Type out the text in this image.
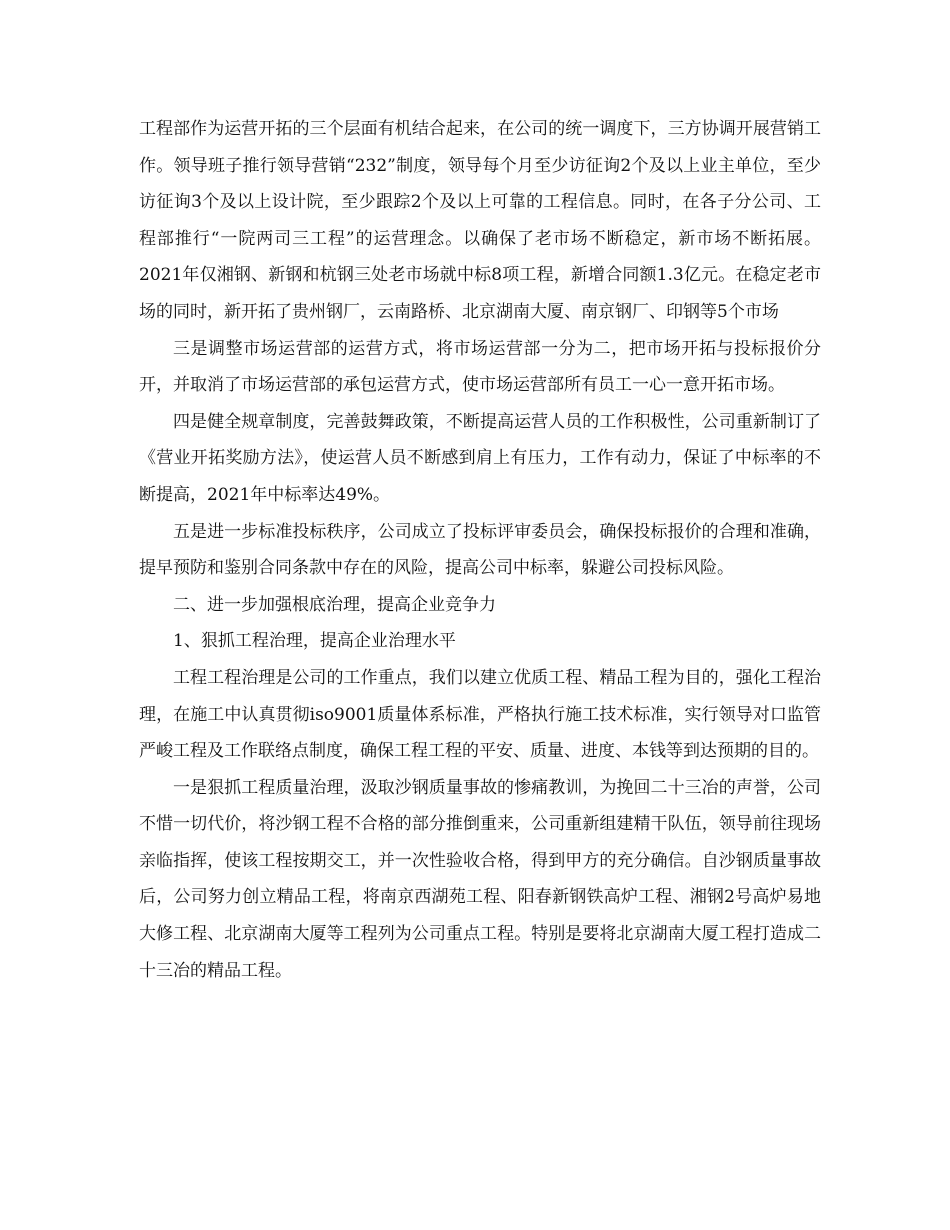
工程部作为运营开拓的三个层面有机结合起来，在公司的统一调度下，三方协调开展营销工作。领导班子推行领导营销“232”制度，领导每个月至少访征询2个及以上业主单位，至少访征询3个及以上设计院，至少跟踪2个及以上可靠的工程信息。同时，在各子分公司、工程部推行“一院两司三工程”的运营理念。以确保了老市场不断稳定，新市场不断拓展。2021年仅湘钢、新钢和杭钢三处老市场就中标8项工程，新增合同额1.3亿元。在稳定老市场的同时，新开拓了贵州钢厂，云南路桥、北京湖南大厦、南京钢厂、印钢等5个市场

三是调整市场运营部的运营方式，将市场运营部一分为二，把市场开拓与投标报价分开，并取消了市场运营部的承包运营方式，使市场运营部所有员工一心一意开拓市场。

四是健全规章制度，完善鼓舞政策，不断提高运营人员的工作积极性，公司重新制订了《营业开拓奖励方法》，使运营人员不断感到肩上有压力，工作有动力，保证了中标率的不断提高，2021年中标率达49%。

五是进一步标准投标秩序，公司成立了投标评审委员会，确保投标报价的合理和准确，提早预防和鉴别合同条款中存在的风险，提高公司中标率，躲避公司投标风险。

二、进一步加强根底治理，提高企业竞争力

1、狠抓工程治理，提高企业治理水平

工程工程治理是公司的工作重点，我们以建立优质工程、精品工程为目的，强化工程治理，在施工中认真贯彻iso9001质量体系标准，严格执行施工技术标准，实行领导对口监管严峻工程及工作联络点制度，确保工程工程的平安、质量、进度、本钱等到达预期的目的。

一是狠抓工程质量治理，汲取沙钢质量事故的惨痛教训，为挽回二十三冶的声誉，公司不惜一切代价，将沙钢工程不合格的部分推倒重来，公司重新组建精干队伍，领导前往现场亲临指挥，使该工程按期交工，并一次性验收合格，得到甲方的充分确信。自沙钢质量事故后，公司努力创立精品工程，将南京西湖苑工程、阳春新钢铁高炉工程、湘钢2号高炉易地大修工程、北京湖南大厦等工程列为公司重点工程。特别是要将北京湖南大厦工程打造成二十三冶的精品工程。
